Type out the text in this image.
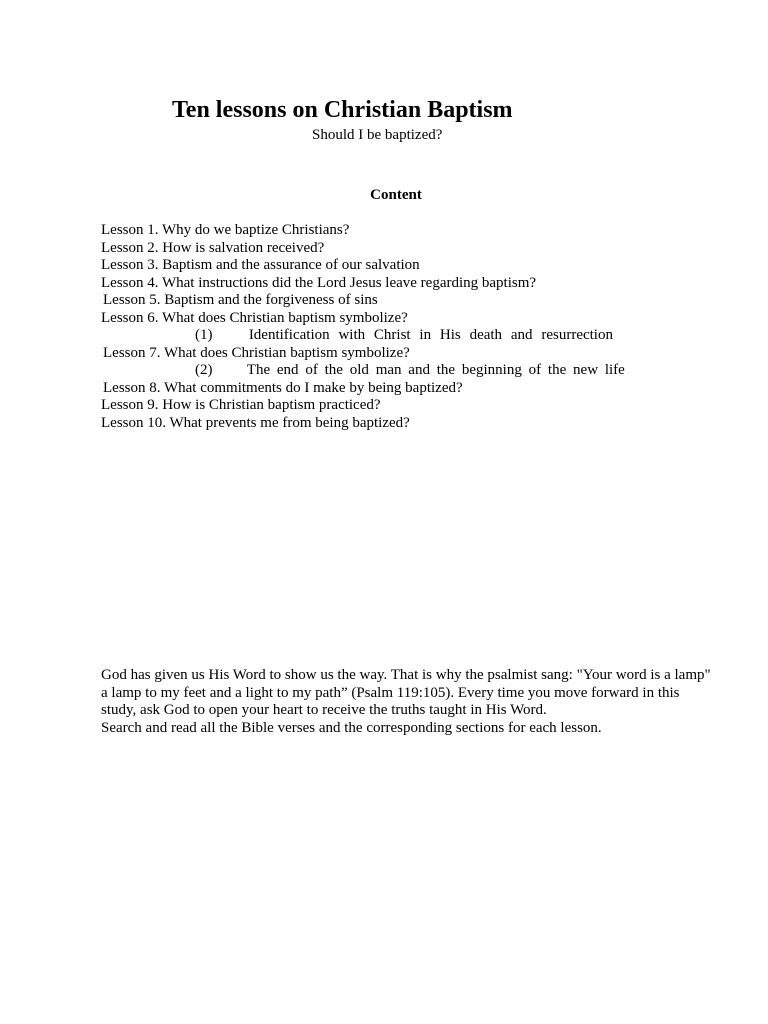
Ten lessons on Christian Baptism
Should I be baptized?
Content
Lesson 1. Why do we baptize Christians?
Lesson 2. How is salvation received?
Lesson 3. Baptism and the assurance of our salvation
Lesson 4. What instructions did the Lord Jesus leave regarding baptism?
Lesson 5. Baptism and the forgiveness of sins
Lesson 6. What does Christian baptism symbolize?
(1)	Identification with Christ in His death and resurrection
Lesson 7. What does Christian baptism symbolize?
(2)	The end of the old man and the beginning of the new life
Lesson 8. What commitments do I make by being baptized?
Lesson 9. How is Christian baptism practiced?
Lesson 10. What prevents me from being baptized?
God has given us His Word to show us the way. That is why the psalmist sang: "Your word is a lamp"
a lamp to my feet and a light to my path” (Psalm 119:105). Every time you move forward in this
study, ask God to open your heart to receive the truths taught in His Word.
Search and read all the Bible verses and the corresponding sections for each lesson.
